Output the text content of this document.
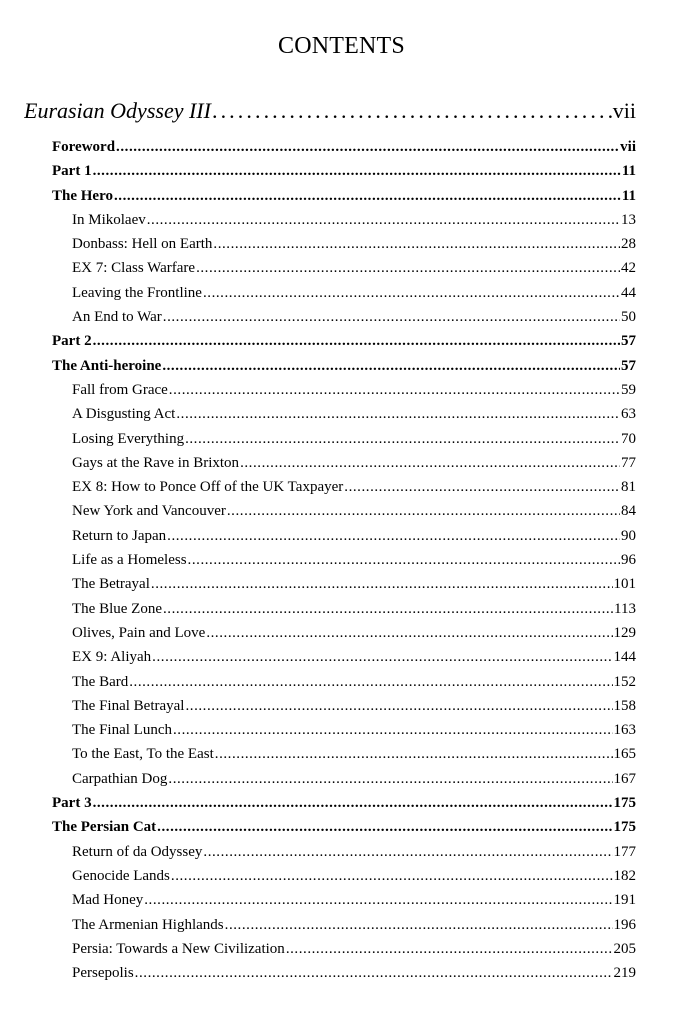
CONTENTS
Eurasian Odyssey III . . .	vii
Foreword . . .	vii
Part 1 . . .	11
The Hero . . .	11
In Mikolaev . . .	13
Donbass: Hell on Earth . . .	28
EX 7: Class Warfare . . .	42
Leaving the Frontline . . .	44
An End to War . . .	50
Part 2 . . .	57
The Anti-heroine . . .	57
Fall from Grace . . .	59
A Disgusting Act . . .	63
Losing Everything . . .	70
Gays at the Rave in Brixton . . .	77
EX 8: How to Ponce Off of the UK Taxpayer . . .	81
New York and Vancouver . . .	84
Return to Japan . . .	90
Life as a Homeless . . .	96
The Betrayal . . .	101
The Blue Zone . . .	113
Olives, Pain and Love . . .	129
EX 9: Aliyah . . .	144
The Bard . . .	152
The Final Betrayal . . .	158
The Final Lunch . . .	163
To the East, To the East . . .	165
Carpathian Dog . . .	167
Part 3 . . .	175
The Persian Cat . . .	175
Return of da Odyssey . . .	177
Genocide Lands . . .	182
Mad Honey . . .	191
The Armenian Highlands . . .	196
Persia: Towards a New Civilization . . .	205
Persepolis . . .	219
